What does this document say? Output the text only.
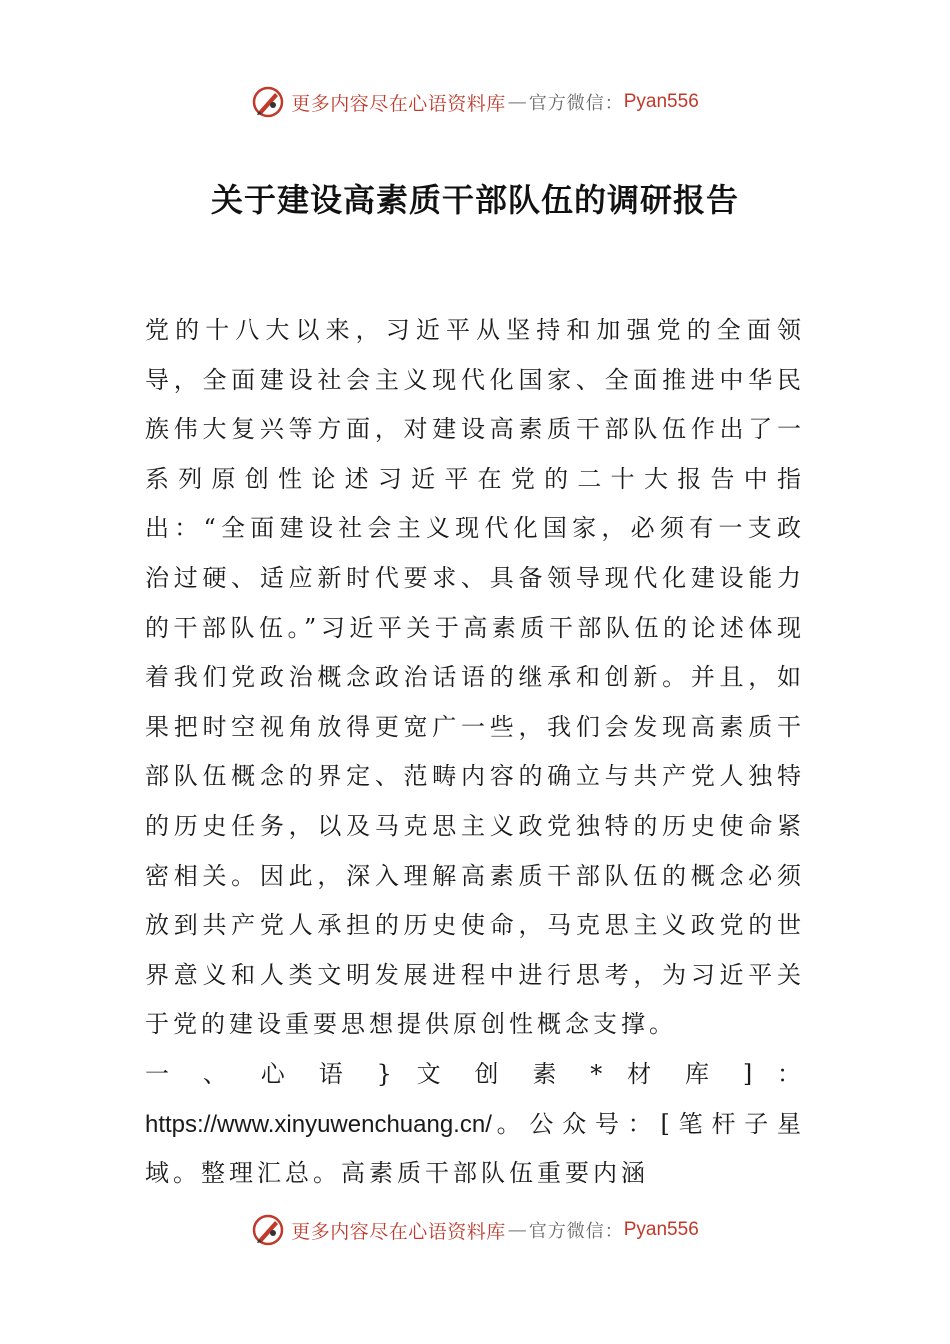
更多内容尽在心语资料库 — 官方微信： Pyan556
关于建设高素质干部队伍的调研报告

党的十八大以来，习近平从坚持和加强党的全面领导，全面建设社会主义现代化国家、全面推进中华民族伟大复兴等方面，对建设高素质干部队伍作出了一系列原创性论述习近平在党的二十大报告中指出：“全面建设社会主义现代化国家，必须有一支政治过硬、适应新时代要求、具备领导现代化建设能力的干部队伍。”习近平关于高素质干部队伍的论述体现着我们党政治概念政治话语的继承和创新。并且，如果把时空视角放得更宽广一些，我们会发现高素质干部队伍概念的界定、范畴内容的确立与共产党人独特的历史任务，以及马克思主义政党独特的历史使命紧密相关。因此，深入理解高素质干部队伍的概念必须放到共产党人承担的历史使命，马克思主义政党的世界意义和人类文明发展进程中进行思考，为习近平关于党的建设重要思想提供原创性概念支撑。

一 、 心 语 } 文 创 素 * 材 库 ] ： https://www.xinyuwenchuang.cn/。公众号：[笔杆子星域。整理汇总。高素质干部队伍重要内涵

更多内容尽在心语资料库 — 官方微信： Pyan556
